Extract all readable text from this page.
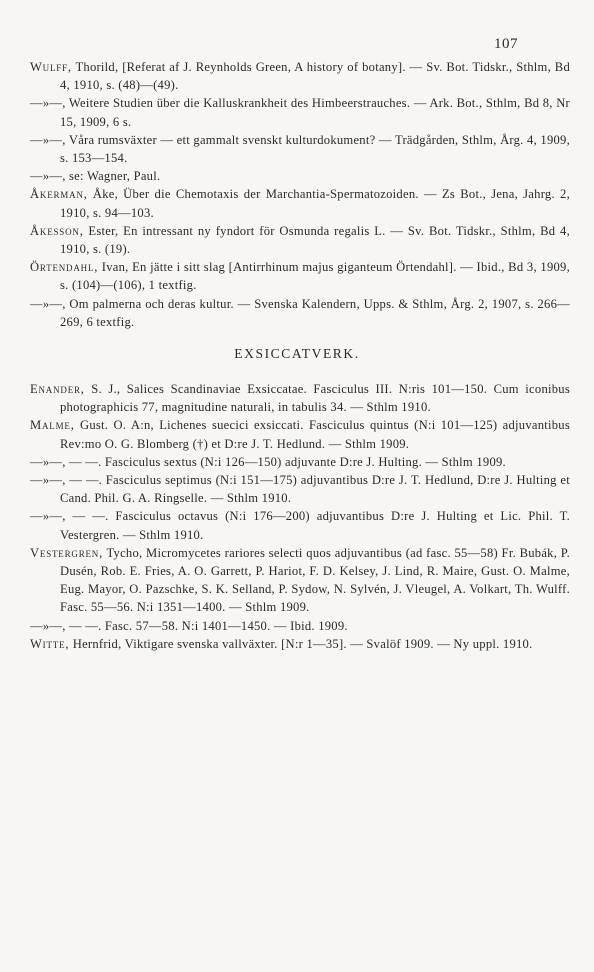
107

Wulff, Thorild, [Referat af J. Reynholds Green, A history of botany]. — Sv. Bot. Tidskr., Sthlm, Bd 4, 1910, s. (48)—(49).

—»—, Weitere Studien über die Kalluskrankheit des Himbeerstrauches. — Ark. Bot., Sthlm, Bd 8, Nr 15, 1909, 6 s.

—»—, Våra rumsväxter — ett gammalt svenskt kulturdokument? — Trädgården, Sthlm, Årg. 4, 1909, s. 153—154.

—»—, se: Wagner, Paul.

Åkerman, Åke, Über die Chemotaxis der Marchantia-Spermatozoiden. — Zs Bot., Jena, Jahrg. 2, 1910, s. 94—103.

Åkesson, Ester, En intressant ny fyndort för Osmunda regalis L. — Sv. Bot. Tidskr., Sthlm, Bd 4, 1910, s. (19).

Örtendahl, Ivan, En jätte i sitt slag [Antirrhinum majus giganteum Örtendahl]. — Ibid., Bd 3, 1909, s. (104)—(106), 1 textfig.

—»—, Om palmerna och deras kultur. — Svenska Kalendern, Upps. & Sthlm, Årg. 2, 1907, s. 266—269, 6 textfig.

EXSICCATVERK.

Enander, S. J., Salices Scandinaviae Exsiccatae. Fasciculus III. N:ris 101—150. Cum iconibus photographicis 77, magnitudine naturali, in tabulis 34. — Sthlm 1910.

Malme, Gust. O. A:n, Lichenes suecici exsiccati. Fasciculus quintus (N:i 101—125) adjuvantibus Rev:mo O. G. Blomberg (†) et D:re J. T. Hedlund. — Sthlm 1909.

—»—, — —. Fasciculus sextus (N:i 126—150) adjuvante D:re J. Hulting. — Sthlm 1909.

—»—, — —. Fasciculus septimus (N:i 151—175) adjuvantibus D:re J. T. Hedlund, D:re J. Hulting et Cand. Phil. G. A. Ringselle. — Sthlm 1910.

—»—, — —. Fasciculus octavus (N:i 176—200) adjuvantibus D:re J. Hulting et Lic. Phil. T. Vestergren. — Sthlm 1910.

Vestergren, Tycho, Micromycetes rariores selecti quos adjuvantibus (ad fasc. 55—58) Fr. Bubák, P. Dusén, Rob. E. Fries, A. O. Garrett, P. Hariot, F. D. Kelsey, J. Lind, R. Maire, Gust. O. Malme, Eug. Mayor, O. Pazschke, S. K. Selland, P. Sydow, N. Sylvén, J. Vleugel, A. Volkart, Th. Wulff. Fasc. 55—56. N:i 1351—1400. — Sthlm 1909.

—»—, — —. Fasc. 57—58. N:i 1401—1450. — Ibid. 1909.

Witte, Hernfrid, Viktigare svenska vallväxter. [N:r 1—35]. — Svalöf 1909. — Ny uppl. 1910.
